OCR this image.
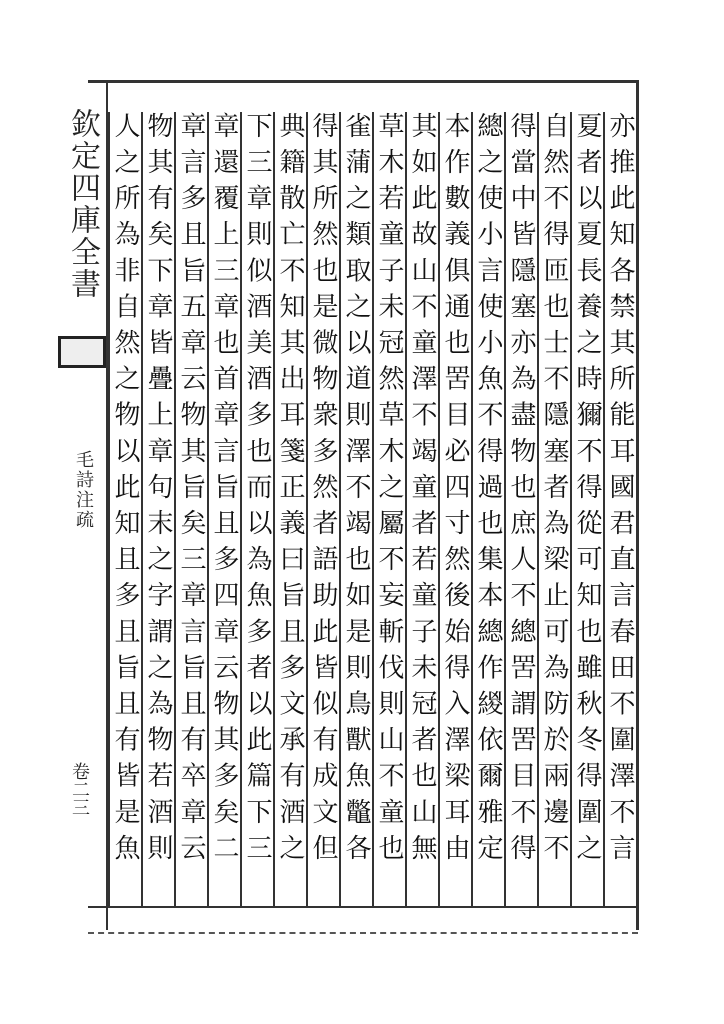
欽定四庫全書
毛詩注疏
卷二三	亦推此知各禁其所能耳國君直言春田不圍澤不言
夏者以夏長養之時獮不得從可知也雖秋冬得圍之
自然不得匝也士不隱塞者為梁止可為防於兩邊不
得當中皆隱塞亦為盡物也庶人不總罟謂罟目不得
總之使小言使小魚不得過也集本總作緵依爾雅定
本作數義俱通也罟目必四寸然後始得入澤梁耳由
其如此故山不童澤不竭童者若童子未冠者也山無
草木若童子未冠然草木之屬不妄斬伐則山不童也
雀蒲之類取之以道則澤不竭也如是則鳥獸魚鼈各
得其所然也是微物衆多然者語助此皆似有成文但
典籍散亡不知其出耳箋正義曰旨且多文承有酒之
下三章則似酒美酒多也而以為魚多者以此篇下三
章還覆上三章也首章言旨且多四章云物其多矣二
章言多且旨五章云物其旨矣三章言旨且有卒章云
物其有矣下章皆疊上章句末之字謂之為物若酒則
人之所為非自然之物以此知且多且旨且有皆是魚
